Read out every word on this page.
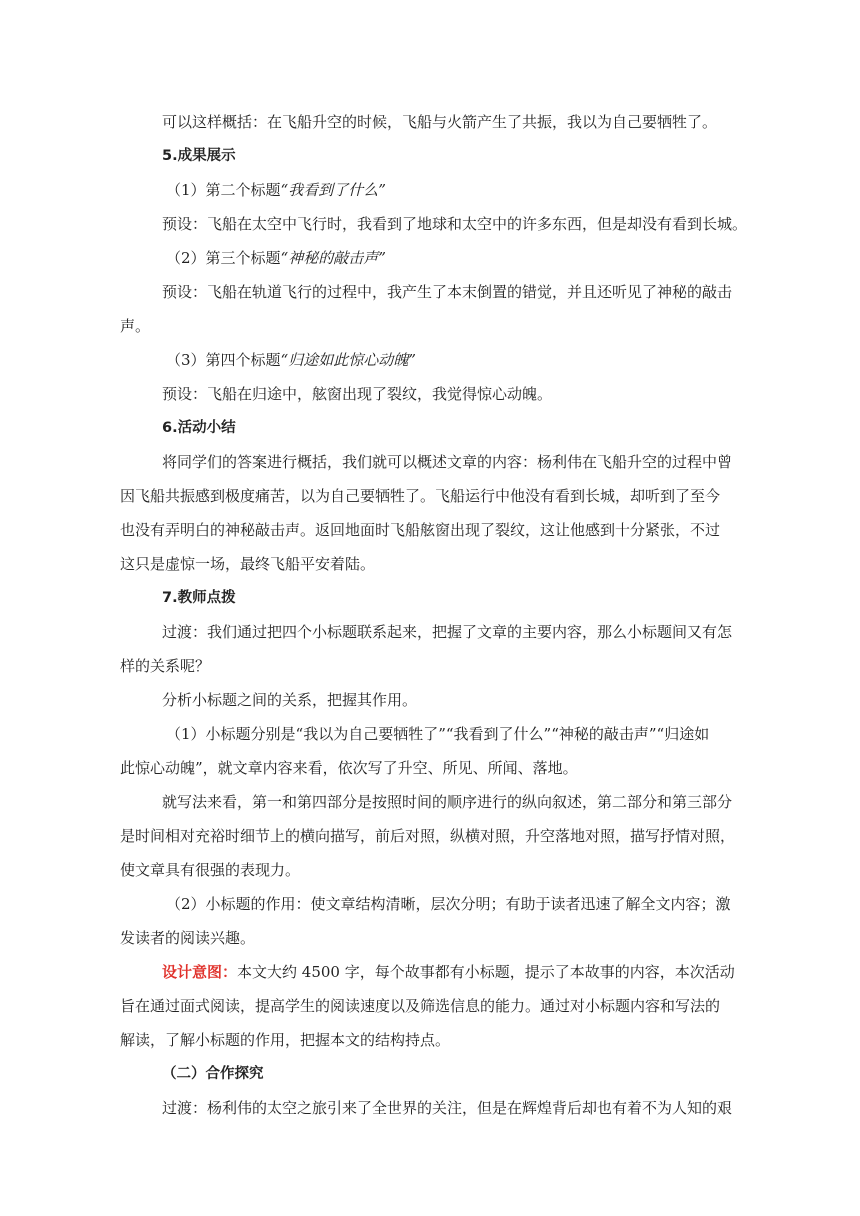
可以这样概括：在飞船升空的时候，飞船与火箭产生了共振，我以为自己要牺牲了。
5.成果展示
（1）第二个标题“我看到了什么”
预设：飞船在太空中飞行时，我看到了地球和太空中的许多东西，但是却没有看到长城。
（2）第三个标题“神秘的敲击声”
预设：飞船在轨道飞行的过程中，我产生了本末倒置的错觉，并且还听见了神秘的敲击
声。
（3）第四个标题“归途如此惊心动魄”
预设：飞船在归途中，舷窗出现了裂纹，我觉得惊心动魄。
6.活动小结
将同学们的答案进行概括，我们就可以概述文章的内容：杨利伟在飞船升空的过程中曾
因飞船共振感到极度痛苦，以为自己要牺牲了。飞船运行中他没有看到长城，却听到了至今
也没有弄明白的神秘敲击声。返回地面时飞船舷窗出现了裂纹，这让他感到十分紧张，不过
这只是虚惊一场，最终飞船平安着陆。
7.教师点拨
过渡：我们通过把四个小标题联系起来，把握了文章的主要内容，那么小标题间又有怎
样的关系呢？
分析小标题之间的关系，把握其作用。
（1）小标题分别是“我以为自己要牺牲了”“我看到了什么”“神秘的敲击声”“归途如
此惊心动魄”，就文章内容来看，依次写了升空、所见、所闻、落地。
就写法来看，第一和第四部分是按照时间的顺序进行的纵向叙述，第二部分和第三部分
是时间相对充裕时细节上的横向描写，前后对照，纵横对照，升空落地对照，描写抒情对照，
使文章具有很强的表现力。
（2）小标题的作用：使文章结构清晰，层次分明；有助于读者迅速了解全文内容；激
发读者的阅读兴趣。
设计意图：本文大约 4500 字，每个故事都有小标题，提示了本故事的内容，本次活动
旨在通过面式阅读，提高学生的阅读速度以及筛选信息的能力。通过对小标题内容和写法的
解读，了解小标题的作用，把握本文的结构持点。
（二）合作探究
过渡：杨利伟的太空之旅引来了全世界的关注，但是在辉煌背后却也有着不为人知的艰
